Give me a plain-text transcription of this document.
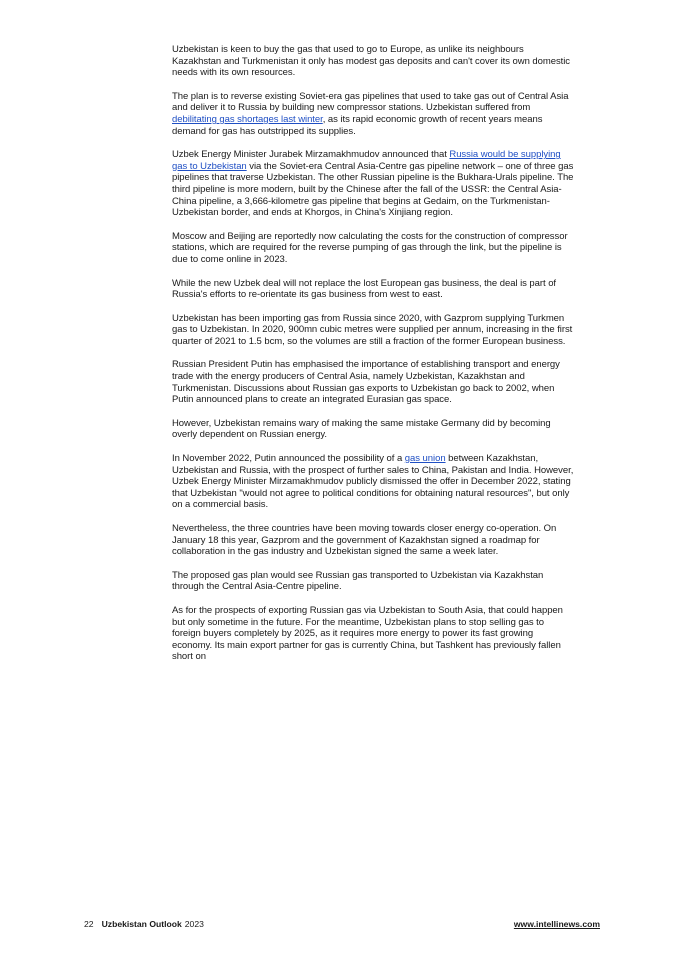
Uzbekistan is keen to buy the gas that used to go to Europe, as unlike its neighbours Kazakhstan and Turkmenistan it only has modest gas deposits and can't cover its own domestic needs with its own resources.

The plan is to reverse existing Soviet-era gas pipelines that used to take gas out of Central Asia and deliver it to Russia by building new compressor stations. Uzbekistan suffered from debilitating gas shortages last winter, as its rapid economic growth of recent years means demand for gas has outstripped its supplies.

Uzbek Energy Minister Jurabek Mirzamakhmudov announced that Russia would be supplying gas to Uzbekistan via the Soviet-era Central Asia-Centre gas pipeline network – one of three gas pipelines that traverse Uzbekistan. The other Russian pipeline is the Bukhara-Urals pipeline. The third pipeline is more modern, built by the Chinese after the fall of the USSR: the Central Asia-China pipeline, a 3,666-kilometre gas pipeline that begins at Gedaim, on the Turkmenistan-Uzbekistan border, and ends at Khorgos, in China's Xinjiang region.

Moscow and Beijing are reportedly now calculating the costs for the construction of compressor stations, which are required for the reverse pumping of gas through the link, but the pipeline is due to come online in 2023.

While the new Uzbek deal will not replace the lost European gas business, the deal is part of Russia's efforts to re-orientate its gas business from west to east.

Uzbekistan has been importing gas from Russia since 2020, with Gazprom supplying Turkmen gas to Uzbekistan. In 2020, 900mn cubic metres were supplied per annum, increasing in the first quarter of 2021 to 1.5 bcm, so the volumes are still a fraction of the former European business.

Russian President Putin has emphasised the importance of establishing transport and energy trade with the energy producers of Central Asia, namely Uzbekistan, Kazakhstan and Turkmenistan. Discussions about Russian gas exports to Uzbekistan go back to 2002, when Putin announced plans to create an integrated Eurasian gas space.

However, Uzbekistan remains wary of making the same mistake Germany did by becoming overly dependent on Russian energy.

In November 2022, Putin announced the possibility of a gas union between Kazakhstan, Uzbekistan and Russia, with the prospect of further sales to China, Pakistan and India. However, Uzbek Energy Minister Mirzamakhmudov publicly dismissed the offer in December 2022, stating that Uzbekistan "would not agree to political conditions for obtaining natural resources", but only on a commercial basis.

Nevertheless, the three countries have been moving towards closer energy co-operation. On January 18 this year, Gazprom and the government of Kazakhstan signed a roadmap for collaboration in the gas industry and Uzbekistan signed the same a week later.

The proposed gas plan would see Russian gas transported to Uzbekistan via Kazakhstan through the Central Asia-Centre pipeline.

As for the prospects of exporting Russian gas via Uzbekistan to South Asia, that could happen but only sometime in the future. For the meantime, Uzbekistan plans to stop selling gas to foreign buyers completely by 2025, as it requires more energy to power its fast growing economy. Its main export partner for gas is currently China, but Tashkent has previously fallen short on

22 Uzbekistan Outlook 2023	www.intellinews.com
